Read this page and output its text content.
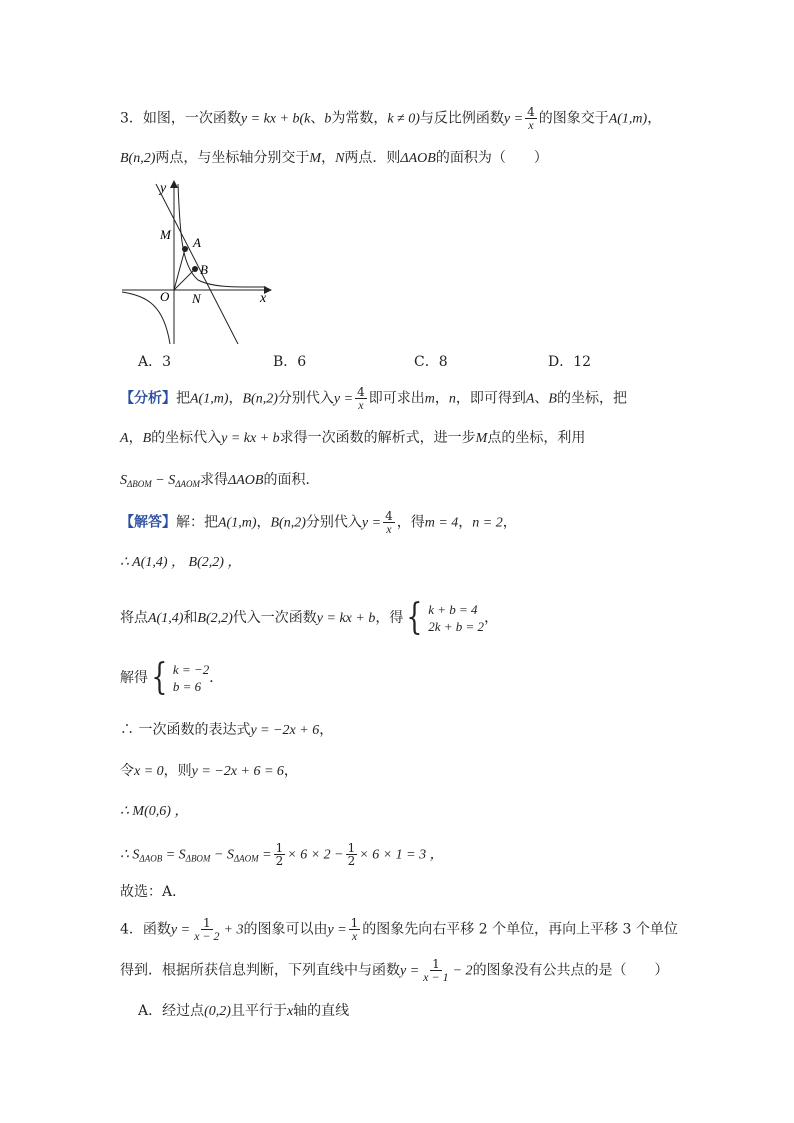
3．如图，一次函数y = kx + b(k、b为常数，k ≠ 0)与反比例函数$y = \frac{4}{x}$ 的图象交于A(1,m)，
B(n,2)两点，与坐标轴分别交于M，N两点．则ΔAOB的面积为（　　）
y
x
M
A
B
O N
A．3	B．6	C．8	D．12
【分析】把A(1,m)，B(n,2)分别代入$y = \frac{4}{x}$ 即可求出m，n，即可得到A、B的坐标，把
A，B的坐标代入y = kx + b求得一次函数的解析式，进一步M点的坐标，利用
$S_{\Delta BOM} - S_{\Delta AOM}$求得ΔAOB的面积．
【解答】解：把A(1,m)，B(n,2)分别代入$y = \frac{4}{x}$ ，得m = 4，n = 2，
∴ A(1,4) ， B(2,2) ，
将点A(1,4)和B(2,2)代入一次函数y = kx + b，得 { k + b = 4
2k + b = 2
，
解得 { k = −2
b = 6
．
∴ 一次函数的表达式y = −2x + 6，
令x = 0，则y = −2x + 6 = 6，
∴ M(0,6) ，
∴ $S_{\Delta AOB} = S_{\Delta BOM} - S_{\Delta AOM} = \frac{1}{2} \times 6 \times 2 - \frac{1}{2} \times 6 \times 1 = 3$ ，
故选：A．
4．函数$y = \frac{1}{x - 2} + 3$的图象可以由$y = \frac{1}{x}$ 的图象先向右平移 2 个单位，再向上平移 3 个单位
得到．根据所获信息判断，下列直线中与函数$y = \frac{1}{x - 1} - 2$的图象没有公共点的是（　　）
A．经过点(0,2)且平行于x轴的直线
